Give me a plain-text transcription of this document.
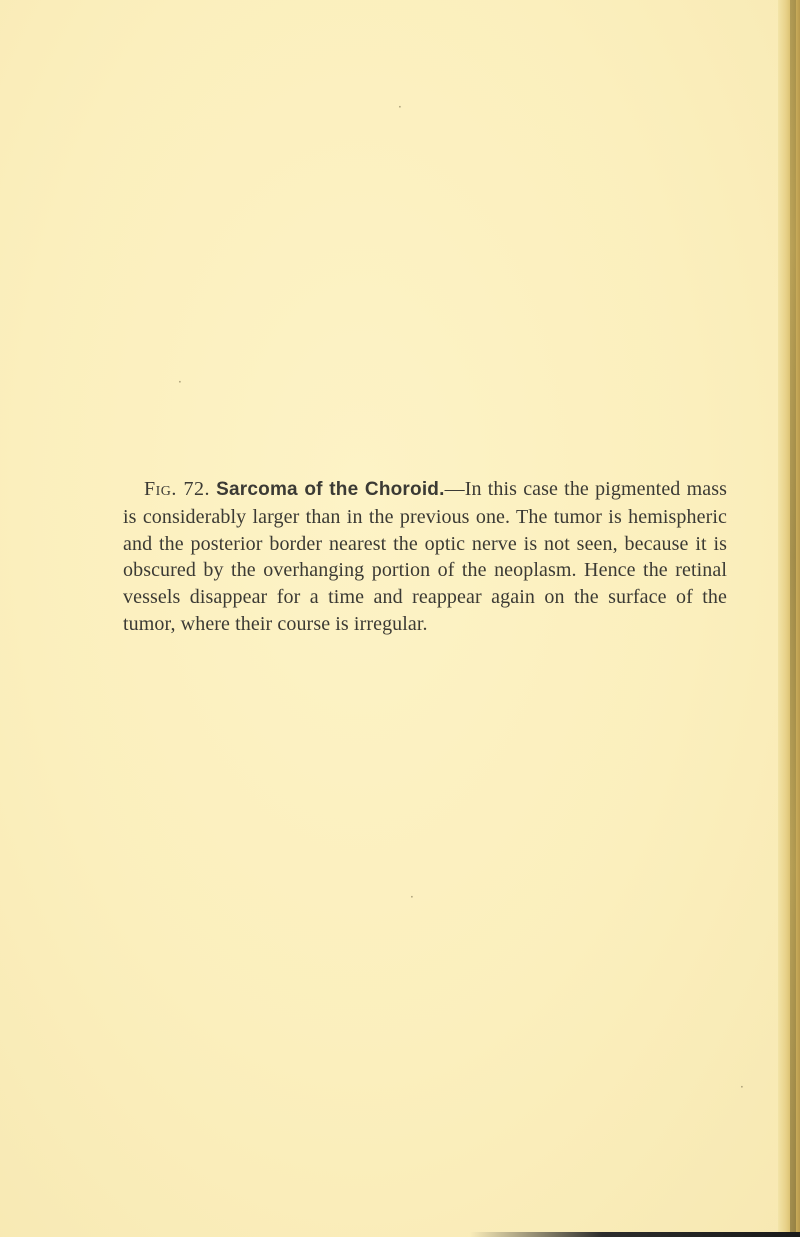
·
·
·
·

Fig. 72. Sarcoma of the Choroid.—In this case the pigmented mass is considerably larger than in the previous one. The tumor is hemispheric and the posterior border nearest the optic nerve is not seen, because it is obscured by the overhanging portion of the neoplasm. Hence the retinal vessels disappear for a time and reappear again on the surface of the tumor, where their course is irregular.
